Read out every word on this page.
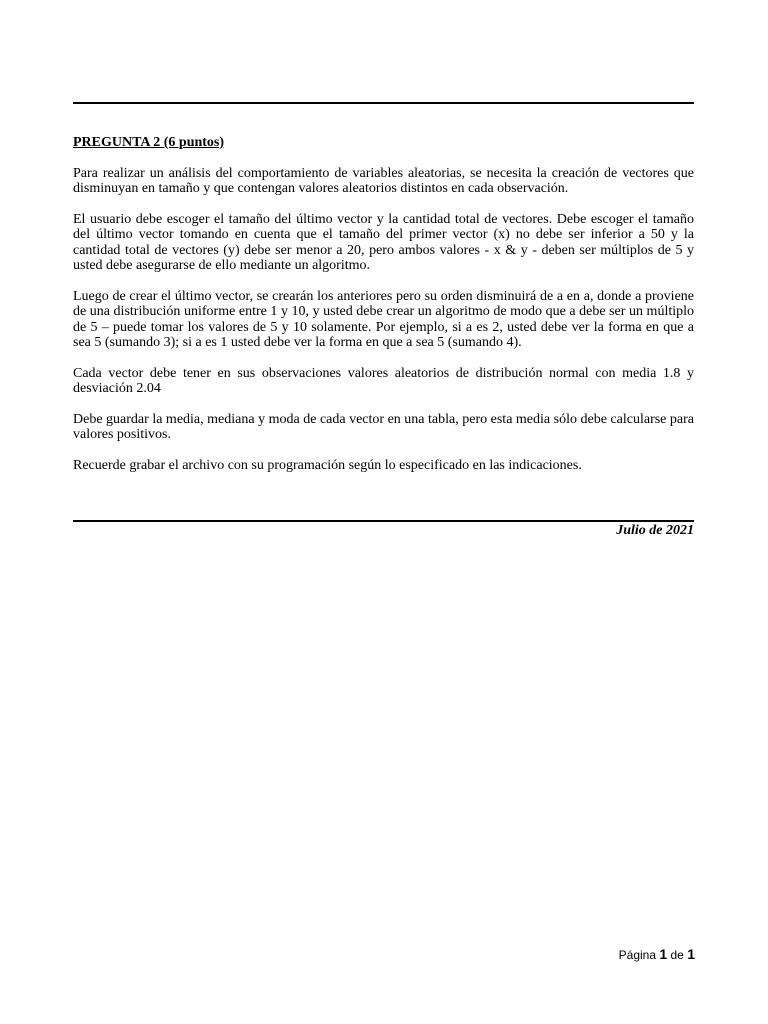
PREGUNTA 2 (6 puntos)

Para realizar un análisis del comportamiento de variables aleatorias, se necesita la creación de vectores que disminuyan en tamaño y que contengan valores aleatorios distintos en cada observación.

El usuario debe escoger el tamaño del último vector y la cantidad total de vectores. Debe escoger el tamaño del último vector tomando en cuenta que el tamaño del primer vector (x) no debe ser inferior a 50 y la cantidad total de vectores (y) debe ser menor a 20, pero ambos valores - x & y - deben ser múltiplos de 5 y usted debe asegurarse de ello mediante un algoritmo.

Luego de crear el último vector, se crearán los anteriores pero su orden disminuirá de a en a, donde a proviene de una distribución uniforme entre 1 y 10, y usted debe crear un algoritmo de modo que a debe ser un múltiplo de 5 – puede tomar los valores de 5 y 10 solamente. Por ejemplo, si a es 2, usted debe ver la forma en que a sea 5 (sumando 3); si a es 1 usted debe ver la forma en que a sea 5 (sumando 4).

Cada vector debe tener en sus observaciones valores aleatorios de distribución normal con media 1.8 y desviación 2.04

Debe guardar la media, mediana y moda de cada vector en una tabla, pero esta media sólo debe calcularse para valores positivos.

Recuerde grabar el archivo con su programación según lo especificado en las indicaciones.

Julio de 2021
Página 1 de 1
